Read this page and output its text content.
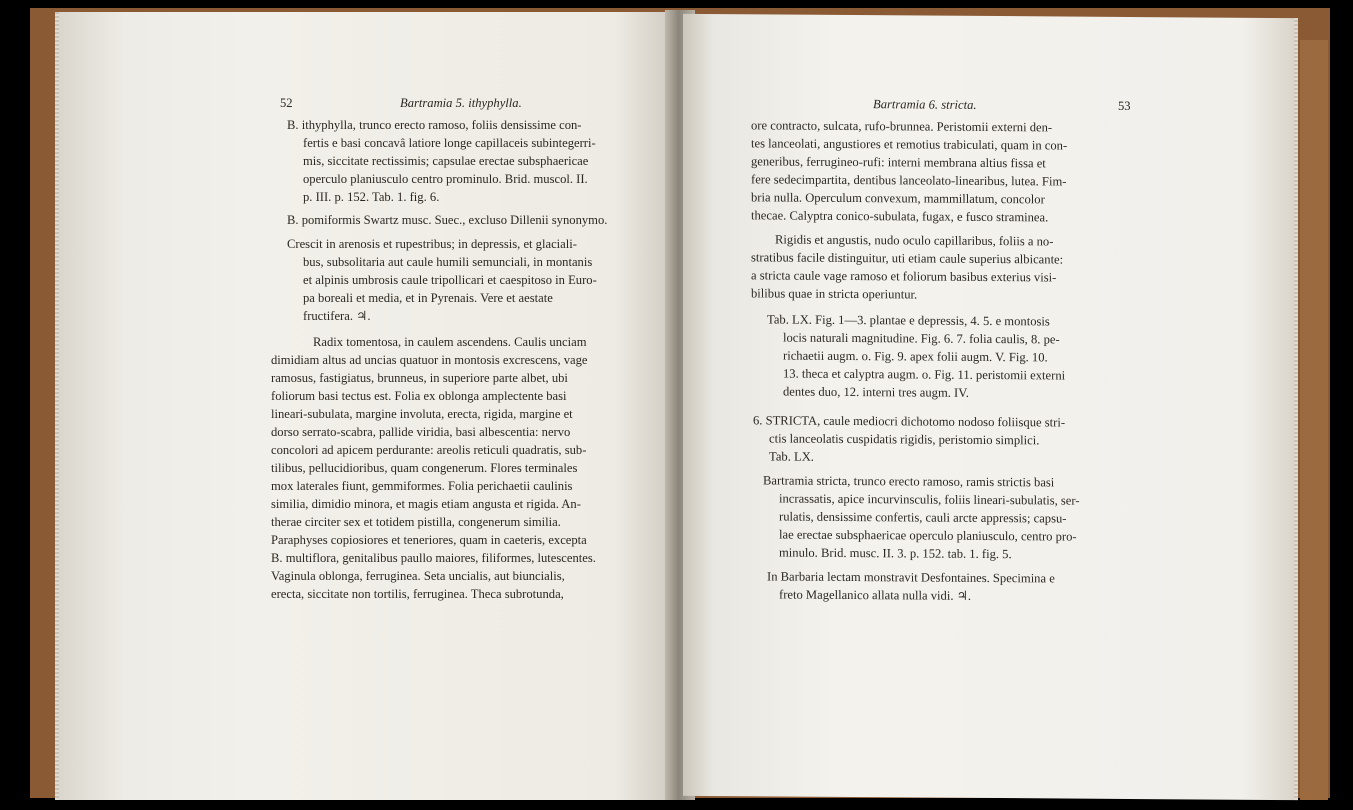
52	Bartramia 5. ithyphylla.
B. ithyphylla, trunco erecto ramoso, foliis densissime con-
fertis e basi concavâ latiore longe capillaceis subintegerri-
mis, siccitate rectissimis; capsulae erectae subsphaericae
operculo planiusculo centro prominulo. Brid. muscol. II.
p. III. p. 152. Tab. 1. fig. 6.
B. pomiformis Swartz musc. Suec., excluso Dillenii synonymo.
Crescit in arenosis et rupestribus; in depressis, et glaciali-
bus, subsolitaria aut caule humili semunciali, in montanis
et alpinis umbrosis caule tripollicari et caespitoso in Euro-
pa boreali et media, et in Pyrenais. Vere et aestate
fructifera. ♃.
Radix tomentosa, in caulem ascendens. Caulis unciam
dimidiam altus ad uncias quatuor in montosis excrescens, vage
ramosus, fastigiatus, brunneus, in superiore parte albet, ubi
foliorum basi tectus est. Folia ex oblonga amplectente basi
lineari-subulata, margine involuta, erecta, rigida, margine et
dorso serrato-scabra, pallide viridia, basi albescentia: nervo
concolori ad apicem perdurante: areolis reticuli quadratis, sub-
tilibus, pellucidioribus, quam congenerum. Flores terminales
mox laterales fiunt, gemmiformes. Folia perichaetii caulinis
similia, dimidio minora, et magis etiam angusta et rigida. An-
therae circiter sex et totidem pistilla, congenerum similia.
Paraphyses copiosiores et teneriores, quam in caeteris, excepta
B. multiflora, genitalibus paullo maiores, filiformes, lutescentes.
Vaginula oblonga, ferruginea. Seta uncialis, aut biuncialis,
erecta, siccitate non tortilis, ferruginea. Theca subrotunda,
Bartramia 6. stricta.	53
ore contracto, sulcata, rufo-brunnea. Peristomii externi den-
tes lanceolati, angustiores et remotius trabiculati, quam in con-
generibus, ferrugineo-rufi: interni membrana altius fissa et
fere sedecimpartita, dentibus lanceolato-linearibus, lutea. Fim-
bria nulla. Operculum convexum, mammillatum, concolor
thecae. Calyptra conico-subulata, fugax, e fusco straminea.
Rigidis et angustis, nudo oculo capillaribus, foliis a no-
stratibus facile distinguitur, uti etiam caule superius albicante:
a stricta caule vage ramoso et foliorum basibus exterius visi-
bilibus quae in stricta operiuntur.
Tab. LX. Fig. 1—3. plantae e depressis, 4. 5. e montosis
locis naturali magnitudine. Fig. 6. 7. folia caulis, 8. pe-
richaetii augm. o. Fig. 9. apex folii augm. V. Fig. 10.
13. theca et calyptra augm. o. Fig. 11. peristomii externi
dentes duo, 12. interni tres augm. IV.
6. STRICTA, caule mediocri dichotomo nodoso foliisque stri-
ctis lanceolatis cuspidatis rigidis, peristomio simplici.
Tab. LX.
Bartramia stricta, trunco erecto ramoso, ramis strictis basi
incrassatis, apice incurvinsculis, foliis lineari-subulatis, ser-
rulatis, densissime confertis, cauli arcte appressis; capsu-
lae erectae subsphaericae operculo planiusculo, centro pro-
minulo. Brid. musc. II. 3. p. 152. tab. 1. fig. 5.
In Barbaria lectam monstravit Desfontaines. Specimina e
freto Magellanico allata nulla vidi. ♃.
